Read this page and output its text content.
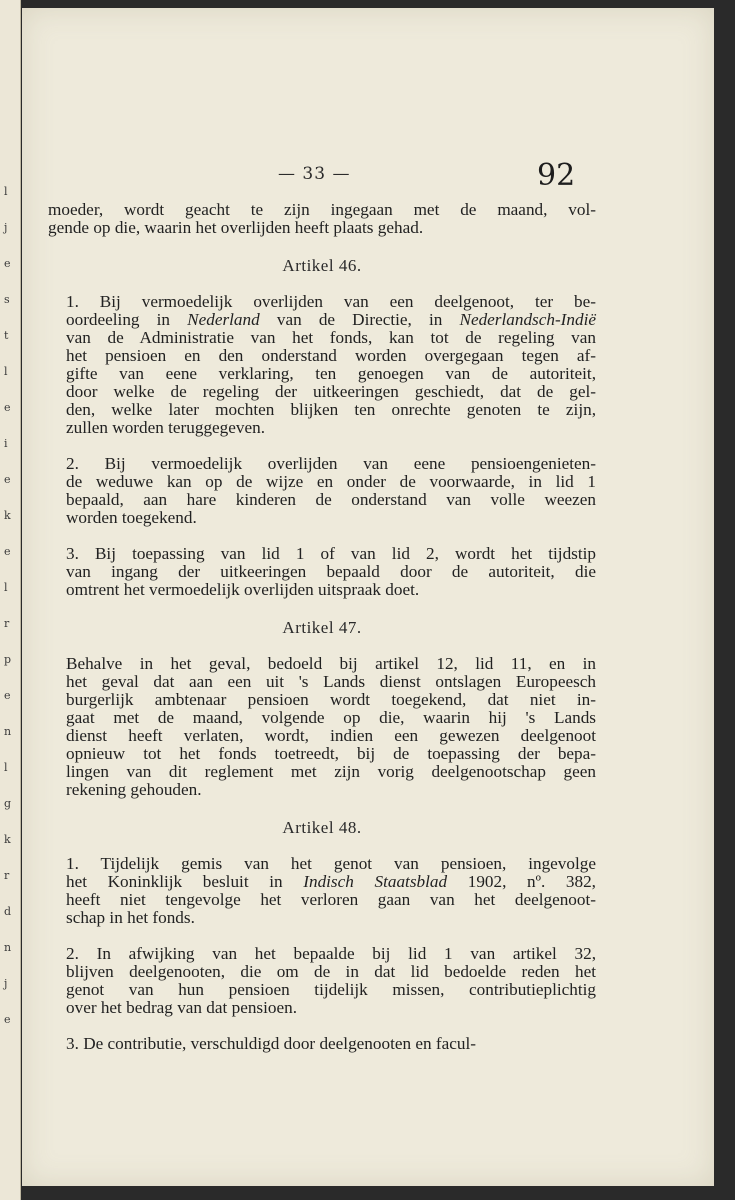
l
j
e
s
t
l
e
i
e
k
e
l
r
p
e
n
l
g
k
r
d
n
j
e
— 33 —	92

moeder, wordt geacht te zijn ingegaan met de maand, vol-
gende op die, waarin het overlijden heeft plaats gehad.

Artikel 46.

1. Bij vermoedelijk overlijden van een deelgenoot, ter be-
oordeeling in Nederland van de Directie, in Nederlandsch-Indië
van de Administratie van het fonds, kan tot de regeling van
het pensioen en den onderstand worden overgegaan tegen af-
gifte van eene verklaring, ten genoegen van de autoriteit,
door welke de regeling der uitkeeringen geschiedt, dat de gel-
den, welke later mochten blijken ten onrechte genoten te zijn,
zullen worden teruggegeven.

2. Bij vermoedelijk overlijden van eene pensioengenieten-
de weduwe kan op de wijze en onder de voorwaarde, in lid 1
bepaald, aan hare kinderen de onderstand van volle weezen
worden toegekend.

3. Bij toepassing van lid 1 of van lid 2, wordt het tijdstip
van ingang der uitkeeringen bepaald door de autoriteit, die
omtrent het vermoedelijk overlijden uitspraak doet.

Artikel 47.

Behalve in het geval, bedoeld bij artikel 12, lid 11, en in
het geval dat aan een uit 's Lands dienst ontslagen Europeesch
burgerlijk ambtenaar pensioen wordt toegekend, dat niet in-
gaat met de maand, volgende op die, waarin hij 's Lands
dienst heeft verlaten, wordt, indien een gewezen deelgenoot
opnieuw tot het fonds toetreedt, bij de toepassing der bepa-
lingen van dit reglement met zijn vorig deelgenootschap geen
rekening gehouden.

Artikel 48.

1. Tijdelijk gemis van het genot van pensioen, ingevolge
het Koninklijk besluit in Indisch Staatsblad 1902, nº. 382,
heeft niet tengevolge het verloren gaan van het deelgenoot-
schap in het fonds.

2. In afwijking van het bepaalde bij lid 1 van artikel 32,
blijven deelgenooten, die om de in dat lid bedoelde reden het
genot van hun pensioen tijdelijk missen, contributieplichtig
over het bedrag van dat pensioen.

3. De contributie, verschuldigd door deelgenooten en facul-
